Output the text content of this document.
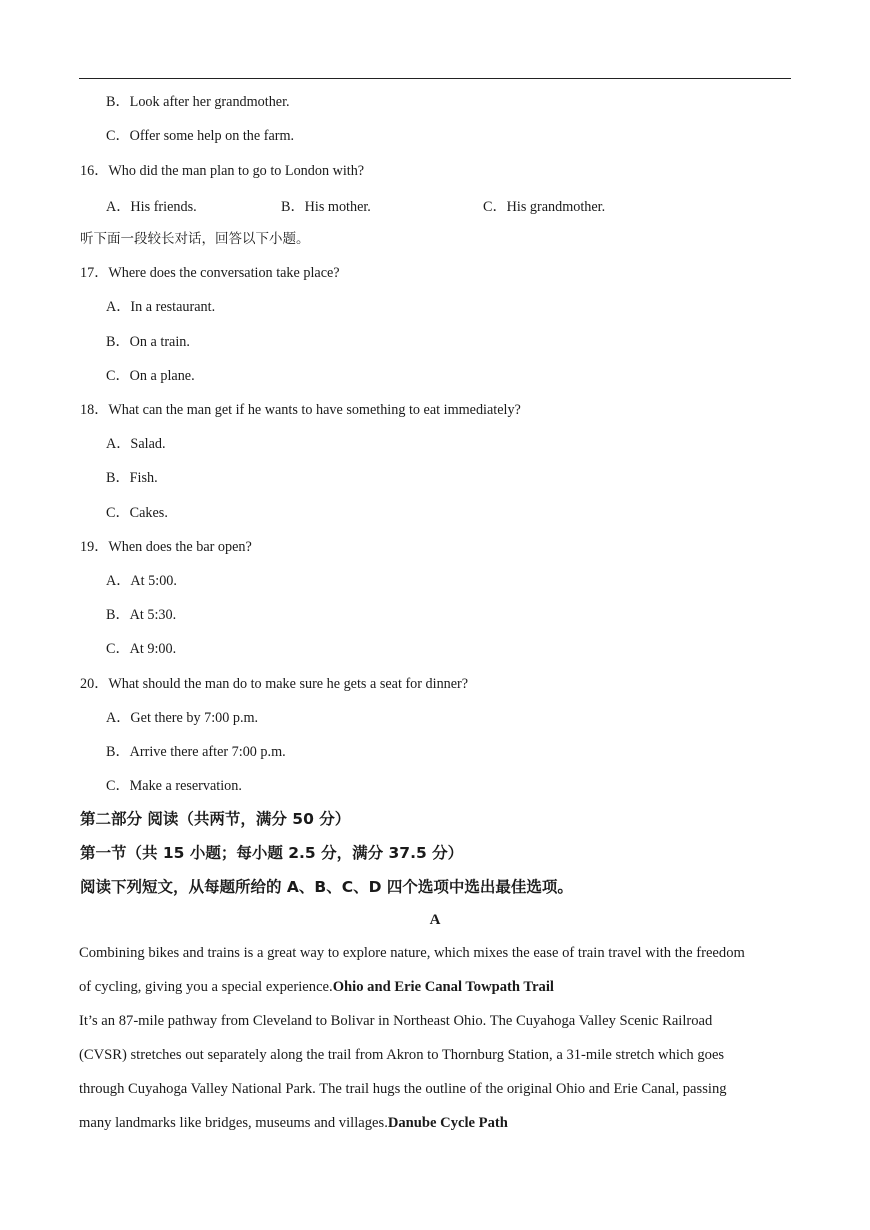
B．Look after her grandmother.
C．Offer some help on the farm.
16．Who did the man plan to go to London with?
A．His friends.	B．His mother.	C．His grandmother.
听下面一段较长对话，回答以下小题。
17．Where does the conversation take place?
A．In a restaurant.
B．On a train.
C．On a plane.
18．What can the man get if he wants to have something to eat immediately?
A．Salad.
B．Fish.
C．Cakes.
19．When does the bar open?
A．At 5:00.
B．At 5:30.
C．At 9:00.
20．What should the man do to make sure he gets a seat for dinner?
A．Get there by 7:00 p.m.
B．Arrive there after 7:00 p.m.
C．Make a reservation.
第二部分 阅读（共两节，满分 50 分）
第一节（共 15 小题；每小题 2.5 分，满分 37.5 分）
阅读下列短文，从每题所给的 A、B、C、D 四个选项中选出最佳选项。
A
Combining bikes and trains is a great way to explore nature, which mixes the ease of train travel with the freedom
of cycling, giving you a special experience.Ohio and Erie Canal Towpath Trail
It’s an 87-mile pathway from Cleveland to Bolivar in Northeast Ohio. The Cuyahoga Valley Scenic Railroad
(CVSR) stretches out separately along the trail from Akron to Thornburg Station, a 31-mile stretch which goes
through Cuyahoga Valley National Park. The trail hugs the outline of the original Ohio and Erie Canal, passing
many landmarks like bridges, museums and villages.Danube Cycle Path
